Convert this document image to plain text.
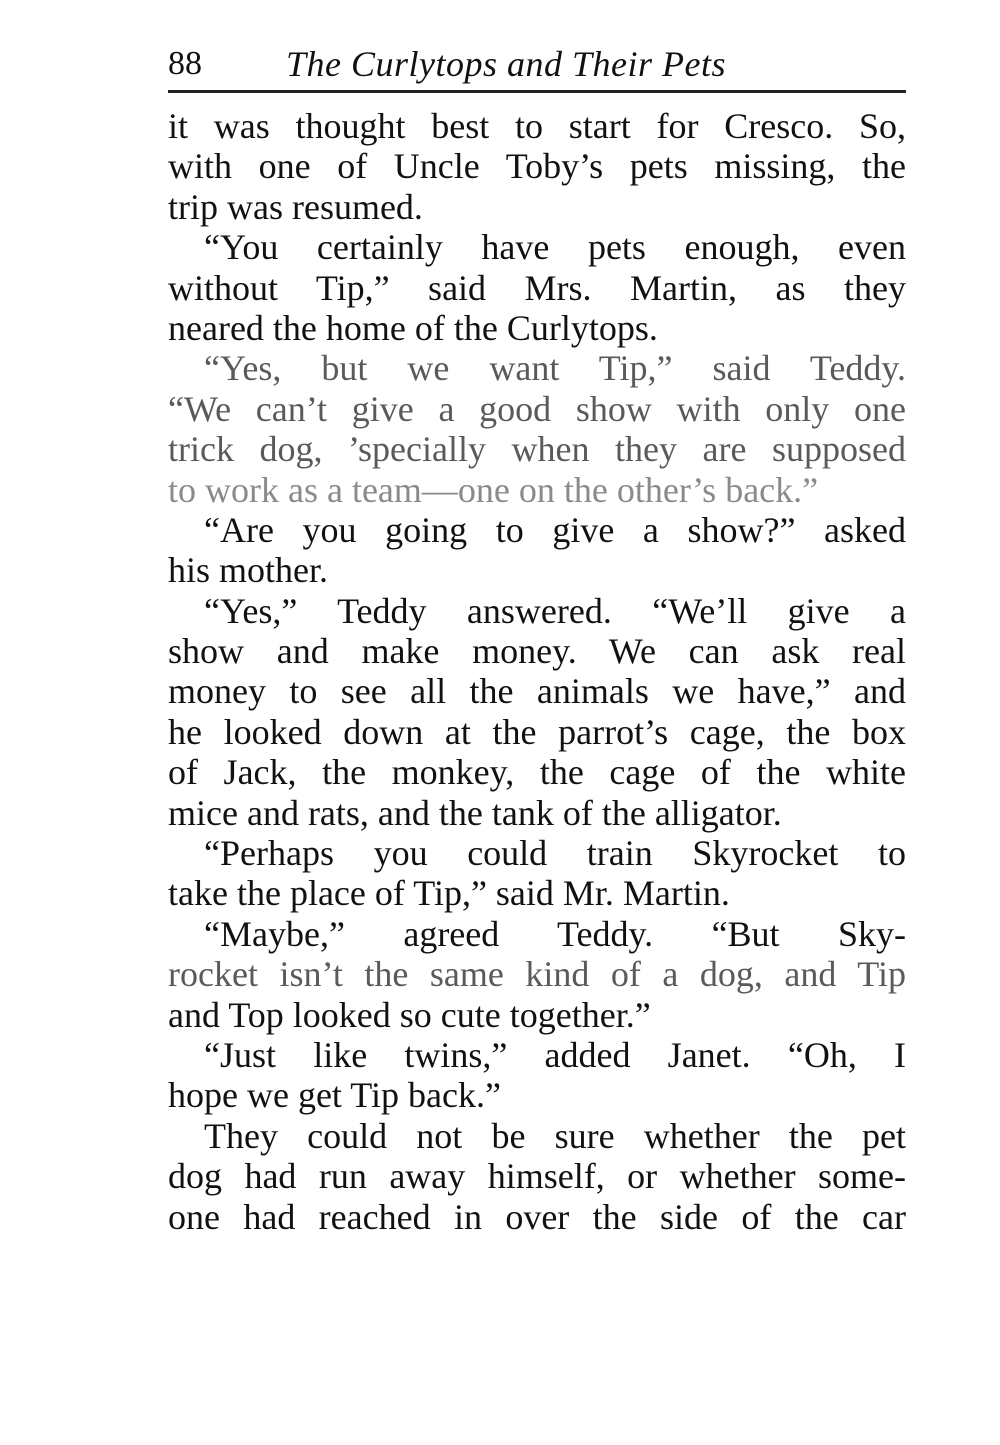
88 The Curlytops and Their Pets
it was thought best to start for Cresco. So,
with one of Uncle Toby’s pets missing, the
trip was resumed.
“You certainly have pets enough, even
without Tip,” said Mrs. Martin, as they
neared the home of the Curlytops.
“Yes, but we want Tip,” said Teddy.
“We can’t give a good show with only one
trick dog, ’specially when they are supposed
to work as a team—one on the other’s back.”
“Are you going to give a show?” asked
his mother.
“Yes,” Teddy answered. “We’ll give a
show and make money. We can ask real
money to see all the animals we have,” and
he looked down at the parrot’s cage, the box
of Jack, the monkey, the cage of the white
mice and rats, and the tank of the alligator.
“Perhaps you could train Skyrocket to
take the place of Tip,” said Mr. Martin.
“Maybe,” agreed Teddy. “But Sky-
rocket isn’t the same kind of a dog, and Tip
and Top looked so cute together.”
“Just like twins,” added Janet. “Oh, I
hope we get Tip back.”
They could not be sure whether the pet
dog had run away himself, or whether some-
one had reached in over the side of the car
